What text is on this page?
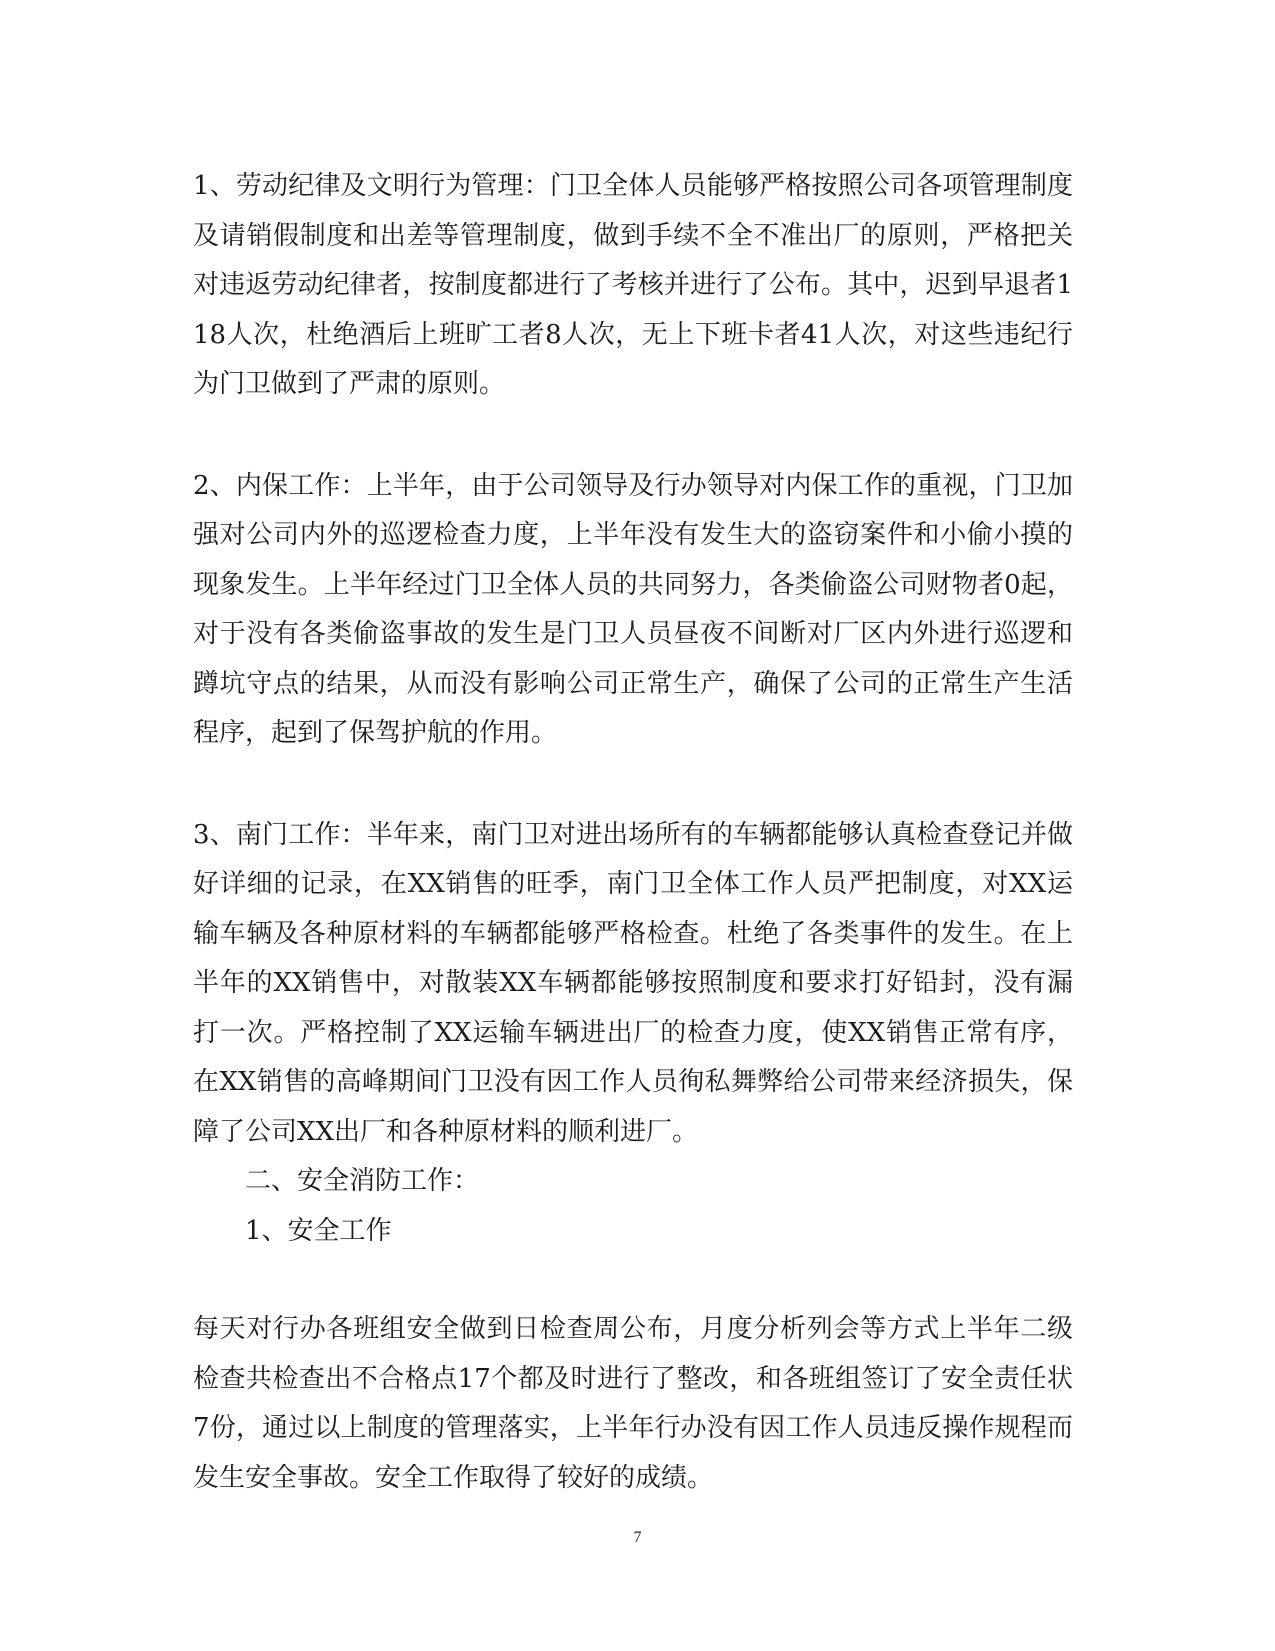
1、劳动纪律及文明行为管理：门卫全体人员能够严格按照公司各项管理制度及请销假制度和出差等管理制度，做到手续不全不准出厂的原则，严格把关对违返劳动纪律者，按制度都进行了考核并进行了公布。其中，迟到早退者118人次，杜绝酒后上班旷工者8人次，无上下班卡者41人次，对这些违纪行为门卫做到了严肃的原则。

2、内保工作：上半年，由于公司领导及行办领导对内保工作的重视，门卫加强对公司内外的巡逻检查力度，上半年没有发生大的盗窃案件和小偷小摸的现象发生。上半年经过门卫全体人员的共同努力，各类偷盗公司财物者0起，对于没有各类偷盗事故的发生是门卫人员昼夜不间断对厂区内外进行巡逻和蹲坑守点的结果，从而没有影响公司正常生产，确保了公司的正常生产生活程序，起到了保驾护航的作用。

3、南门工作：半年来，南门卫对进出场所有的车辆都能够认真检查登记并做好详细的记录，在XX销售的旺季，南门卫全体工作人员严把制度，对XX运输车辆及各种原材料的车辆都能够严格检查。杜绝了各类事件的发生。在上半年的XX销售中，对散装XX车辆都能够按照制度和要求打好铅封，没有漏打一次。严格控制了XX运输车辆进出厂的检查力度，使XX销售正常有序，在XX销售的高峰期间门卫没有因工作人员徇私舞弊给公司带来经济损失，保障了公司XX出厂和各种原材料的顺利进厂。

二、安全消防工作：

1、安全工作

每天对行办各班组安全做到日检查周公布，月度分析列会等方式上半年二级检查共检查出不合格点17个都及时进行了整改，和各班组签订了安全责任状7份，通过以上制度的管理落实，上半年行办没有因工作人员违反操作规程而发生安全事故。安全工作取得了较好的成绩。

7
